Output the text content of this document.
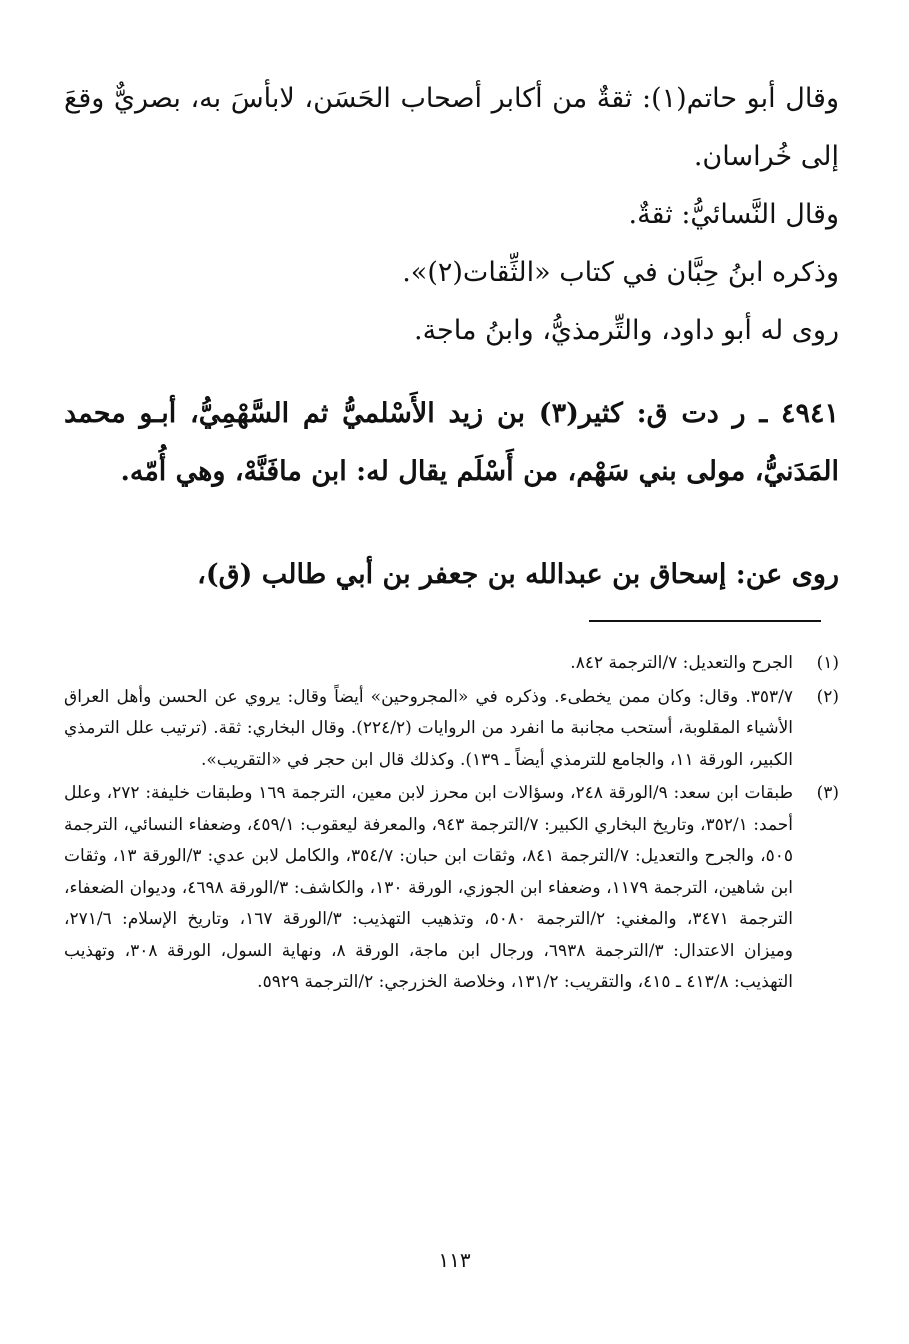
وقال أبو حاتم(١): ثقةٌ من أكابر أصحاب الحَسَن، لابأسَ به، بصريٌّ وقعَ إلى خُراسان.

وقال النَّسائيُّ: ثقةٌ.

وذكره ابنُ حِبَّان في كتاب «الثِّقات(٢)».

روى له أبو داود، والتِّرمذيُّ، وابنُ ماجة.

٤٩٤١ ـ ر دت ق: كثير(٣) بن زيد الأَسْلميُّ ثم السَّهْمِيُّ، أبـو محمد المَدَنيُّ، مولى بني سَهْم، من أَسْلَم يقال له: ابن مافَنَّهْ، وهي أُمّه.

روى عن: إسحاق بن عبدالله بن جعفر بن أبي طالب (ق)،

(١)

الجرح والتعديل: ٧/الترجمة ٨٤٢.

(٢)

٣٥٣/٧. وقال: وكان ممن يخطىء. وذكره في «المجروحين» أيضاً وقال: يروي عن الحسن وأهل العراق الأشياء المقلوبة، أستحب مجانبة ما انفرد من الروايات (٢٢٤/٢). وقال البخاري: ثقة. (ترتيب علل الترمذي الكبير، الورقة ١١، والجامع للترمذي أيضاً ـ ١٣٩). وكذلك قال ابن حجر في «التقريب».

(٣)

طبقات ابن سعد: ٩/الورقة ٢٤٨، وسؤالات ابن محرز لابن معين، الترجمة ١٦٩ وطبقات خليفة: ٢٧٢، وعلل أحمد: ٣٥٢/١، وتاريخ البخاري الكبير: ٧/الترجمة ٩٤٣، والمعرفة ليعقوب: ٤٥٩/١، وضعفاء النسائي، الترجمة ٥٠٥، والجرح والتعديل: ٧/الترجمة ٨٤١، وثقات ابن حبان: ٣٥٤/٧، والكامل لابن عدي: ٣/الورقة ١٣، وثقات ابن شاهين، الترجمة ١١٧٩، وضعفاء ابن الجوزي، الورقة ١٣٠، والكاشف: ٣/الورقة ٤٦٩٨، وديوان الضعفاء، الترجمة ٣٤٧١، والمغني: ٢/الترجمة ٥٠٨٠، وتذهيب التهذيب: ٣/الورقة ١٦٧، وتاريخ الإسلام: ٢٧١/٦، وميزان الاعتدال: ٣/الترجمة ٦٩٣٨، ورجال ابن ماجة، الورقة ٨، ونهاية السول، الورقة ٣٠٨، وتهذيب التهذيب: ٤١٣/٨ ـ ٤١٥، والتقريب: ١٣١/٢، وخلاصة الخزرجي: ٢/الترجمة ٥٩٢٩.

١١٣
